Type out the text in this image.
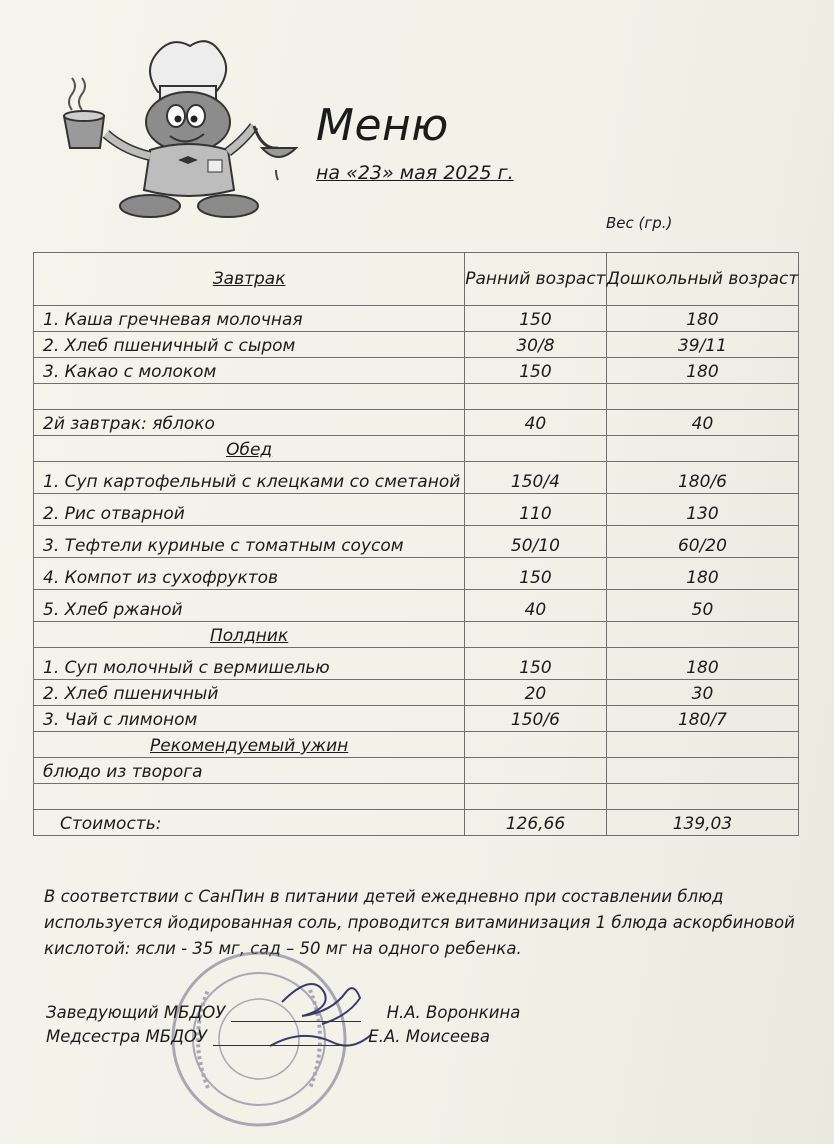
Меню
на «23» мая 2025 г.
Вес (гр.)
Завтрак	Ранний возраст	Дошкольный возраст
1. Каша гречневая молочная	150	180
2. Хлеб пшеничный с сыром	30/8	39/11
3. Какао с молоком	150	180

2й завтрак: яблоко	40	40
Обед		
1. Суп картофельный с клецками со сметаной	150/4	180/6
2. Рис отварной	110	130
3. Тефтели куриные с томатным соусом	50/10	60/20
4. Компот из сухофруктов	150	180
5. Хлеб ржаной	40	50
Полдник		
1. Суп молочный с вермишелью	150	180
2. Хлеб пшеничный	20	30
3. Чай с лимоном	150/6	180/7
Рекомендуемый ужин		
блюдо из творога		

Стоимость:	126,66	139,03
В соответствии с СанПин в питании детей ежедневно при составлении блюд используется йодированная соль, проводится витаминизация 1 блюда аскорбиновой кислотой: ясли - 35 мг, сад – 50 мг на одного ребенка.
Заведующий МБДОУ	Н.А. Воронкина
Медсестра МБДОУ	Е.А. Моисеева
